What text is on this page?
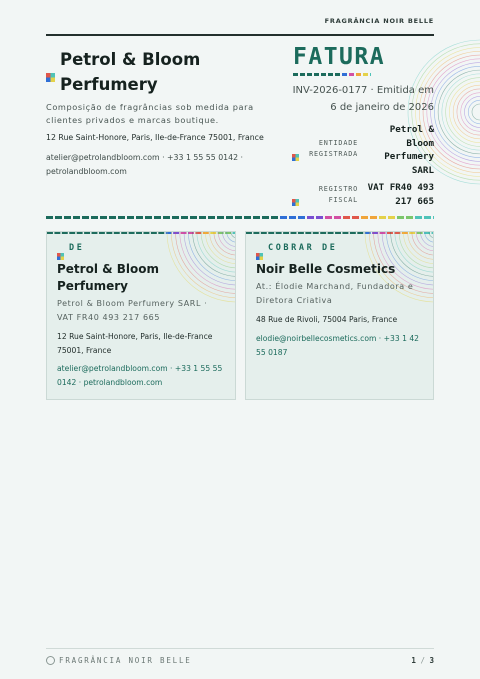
FRAGRÂNCIA NOIR BELLE
Petrol & Bloom Perfumery
Composição de fragrâncias sob medida para clientes privados e marcas boutique.
12 Rue Saint-Honore, Paris, Ile-de-France 75001, France
atelier@petrolandbloom.com · +33 1 55 55 0142 ·
petrolandbloom.com
FATURA
INV-2026-0177 · Emitida em
6 de janeiro de 2026
ENTIDADE
REGISTRADA
Petrol &
Bloom
Perfumery
SARL
REGISTRO
FISCAL
VAT FR40 493
217 665
DE
Petrol & Bloom
Perfumery
Petrol & Bloom Perfumery SARL ·
VAT FR40 493 217 665
12 Rue Saint-Honore, Paris, Ile-de-France
75001, France
atelier@petrolandbloom.com · +33 1 55 55
0142 · petrolandbloom.com
COBRAR DE
Noir Belle Cosmetics
At.: Élodie Marchand, Fundadora e
Diretora Criativa
48 Rue de Rivoli, 75004 Paris, France
elodie@noirbellecosmetics.com · +33 1 42
55 0187
FRAGRÂNCIA NOIR BELLE	1 / 3
